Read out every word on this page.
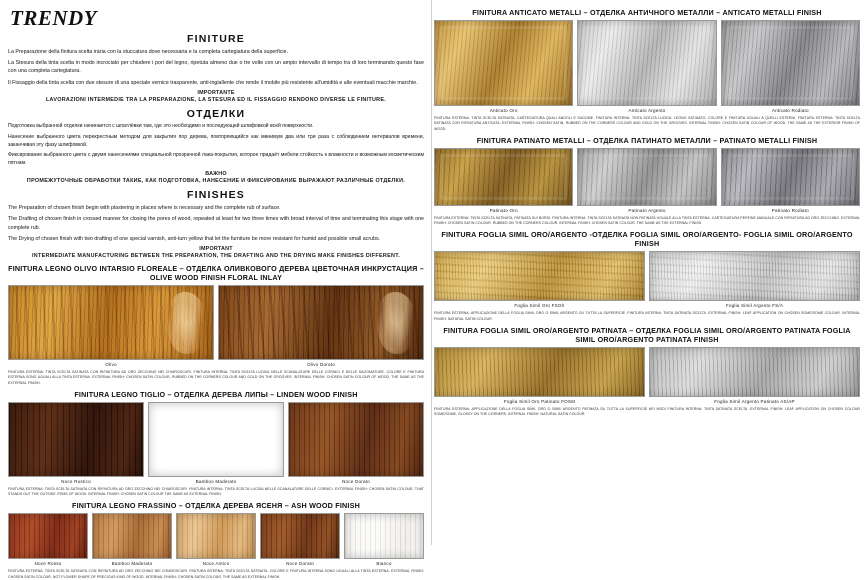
TRENDY
FINITURE

La Preparazione della finitura scelta inizia con la stuccatura dove necessaria e la completa cartegiatura della superficie.

La Stesura della tinta scelta in modo incrociato per chiudere i pori del legno, ripetuta almeno due o tre volte con un ampio intervallo di tempo tra di loro terminando questo fase con una completa cartegiatura.

Il Fissaggio della tinta scelta con due stesure di una speciale vernice trasparente, anti-ingiallente che rende il mobile più resistente all'umidità e alle eventuali macchie marchie.

IMPORTANTE
LAVORAZIONI INTERMEDIE TRA LA PREPARAZIONE, LA STESURA ED IL FISSAGGIO RENDONO DIVERSE LE FINITURE.
ОТДЕЛКИ

Подготовка выбранной отделки начинается с шпатлёвки там, где это необходимо и последующей шлифовкой всей поверхности.

Нанесение выбранного цвета перекрестным методом для закрытия пор дерева, повторяющийся как минимум два или три раза с соблюдением интервалов времени, заканчивая эту фазу шлифовкой.

Фиксирование выбранного цвета с двумя нанесениями специальной прозрачной лака-покрытия, которое придаёт мебели стойкость к влажности и возможным косметическим пятнам.

ВАЖНО
ПРОМЕЖУТОЧНЫЕ ОБРАБОТКИ ТАКИЕ, КАК ПОДГОТОВКА, НАНЕСЕНИЕ И ФИКСИРОВАНИЕ ВЫРАЖАЮТ РАЗЛИЧНЫЕ ОТДЕЛКИ.
FINISHES

The Preparation of chosen finish begin with plastering in places where is necessary and the complete rub of surface.

The Drafting of chosen finish in crossed manner for closing the pores of wood, repeated at least for two three times with broad interval of time and terminating this stage with one complete rub.

The Drying of chosen finish with two drafting of one special varnish, anti-turn yellow that let the furniture be more resistant for humid and possible small acrubs.

IMPORTANT
INTERMEDIATE MANUFACTURING BETWEEN THE PREPARATION, THE DRAFTING AND THE DRYING MAKE FINISHES DIFFERENT.
FINITURA LEGNO OLIVO INTARSIO FLOREALE – ОТДЕЛКА ОЛИВКОВОГО ДЕРЕВА ЦВЕТОЧНАЯ ИНКРУСТАЦИЯ – OLIVE WOOD FINISH FLORAL INLAY
Olivo	Olivo Dorato
FINITURA ESTERNA: TINTA SCELTA SATINATA CON RIFINITURA AD ORO ZECCHINO NEI CHIAROSCURI. FINITURA INTERNA: TINTA SCELTA LUCIDA NELLE SCANALATURE DELLE CORNICI E DELLE SAGOMATURE. COLORE E FINITURA ESTERNA SONO UGUALI ALLA TINTA ESTERNA. EXTERNAL FINISH: CHOSEN SATIN COLOUR, RUBBED ON THE CORNERS COLOUR AND GOLD ON THE GROOVES. INTERNAL FINISH: CHOSEN SATIN COLOUR OF WOOD, THE SAME AS THE EXTERNAL FINISH.
FINITURA LEGNO TIGLIO – ОТДЕЛКА ДЕРЕВА ЛИПЫ – LINDEN WOOD FINISH
Noce Rustico	Bamboo Maderato	Noce Dorato
FINITURA ESTERNA: TINTA SCELTA SATINATA CON RIFINITURA AD ORO ZECCHINO NEI CHIAROSCURI. FINITURA INTERNA: TINTA SCELTA LUCIDA NELLE SCANALATURE DELLE CORNICI. EXTERNAL FINISH: CHOSEN SATIN COLOUR, THAT STANDS OUT THE OUTSIDE ITEMS OF WOOD. INTERNAL FINISH: CHOSEN SATIN COLOUR THE SAME AS EXTERNAL FINISH.
FINITURA LEGNO FRASSINO – ОТДЕЛКА ДЕРЕВА ЯСЕНЯ – ASH WOOD FINISH
Noce Rosso	Bamboo Maderato	Noce Antico	Noce Dorato	Bianco
FINITURA ESTERNA: TINTA SCELTA SATINATA CON RIFINITURA AD ORO ZECCHINO NEI CHIAROSCURI. FINITURA INTERNA: TINTA SCELTA SATINATA. COLORE E FINITURA INTERNA SONO UGUALI ALLA TINTA ESTERNA. EXTERNAL FINISH: CHOSEN SATIN COLOUR, NOT FLOWER SHAPE OF PRECIOUS KIND OF WOOD. INTERNAL FINISH: CHOSEN SATIN COLOUR, THE SAME AS EXTERNAL FINISH.
FINITURA ANTICATO METALLI – ОТДЕЛКА АНТИЧНОГО МЕТАЛЛИ – ANTICATO METALLI FINISH
Anticato Oro	Anticato Argento	Anticato Rodiato
FINITURA ESTERNA: TINTA SCELTA SATINATA, CARTEGIATURA QUALI ANGOLI E SAGOME. FINITURA INTERNA: TINTA SCELTA LUCIDA. LEGNO SATINATO, COLORE E FINITURA UGUALI A QUELLI ESTERNI. FINITURA ESTERNA: TINTA SCELTA SATINATA CON RIFINITURA ANTICATA. EXTERNAL FINISH: CHOSEN SATIN, RUBBED ON THE CORNERS COLOUR AND GOLD ON THE GROOVES. INTERNAL FINISH: CHOSEN SATIN COLOUR OF WOOD, THE SAME AS THE EXTERIOR FINISH OF WOOD.
FINITURA PATINATO METALLI – ОТДЕЛКА ПАТИНАТО МЕТАЛЛИ – PATINATO METALLI FINISH
Patinato Oro	Patinato Argento	Patinato Rodiato
FINITURA ESTERNA: TINTA SCELTA SATINATA, PATINATA SUI BORDI. FINITURA INTERNA: TINTA SCELTA SATINATA NON PATINATA UGUALE ALLA TINTA ESTERNA. CARTEGIATURA PERFINE MANUALE CON RIFINITURA AD ORO ZECCHINO. EXTERNAL FINISH: CHOSEN SATIN COLOUR, RUBBED ON THE CORNERS COLOUR. INTERNAL FINISH: CHOSEN SATIN COLOUR, THE SAME AS THE EXTERNAL FINISH.
FINITURA FOGLIA SIMIL ORO/ARGENTO -ОТДЕЛКА FOGLIA SIMIL ORO/ARGENTO- FOGLIA SIMIL ORO/ARGENTO FINISH
Foglia Simil Oro FSO/I	Foglia Simil Argento FS/A
FINITURA ESTERNA: APPLICAZIONE DELLA FOGLIA SIMIL ORO O SIMIL ARGENTO SU TUTTA LA SUPERFICIE. FINITURA INTERNA: TINTA SATINATA SCELTA. EXTERNAL FINISH: LEAF APPLICATION ON CHOSEN SOME/SOME COLOUR. INTERNAL FINISH: NATURAL SATIN COLOUR.
FINITURA FOGLIA SIMIL ORO/ARGENTO PATINATA – ОТДЕЛКА FOGLIA SIMIL ORO/ARGENTO PATINATA FOGLIA SIMIL ORO/ARGENTO PATINATA FINISH
Foglia Simil Oro Patinato FOSM	Foglia Simil Argento Patinato AS/AP
FINITURA ESTERNA: APPLICAZIONE DELLA FOGLIA SIMIL ORO O SIMIL ARGENTO PATINATA SU TUTTA LA SUPERFICIE NEI MODI FINITURA INTERNA: TINTA SATINATA SCELTA. EXTERNAL FINISH: LEAF APPLICATION ON CHOSEN COLOUR SOME/SOME, GLOSSY ON THE CORNERS. INTERNAL FINISH: NATURAL SATIN COLOUR.
